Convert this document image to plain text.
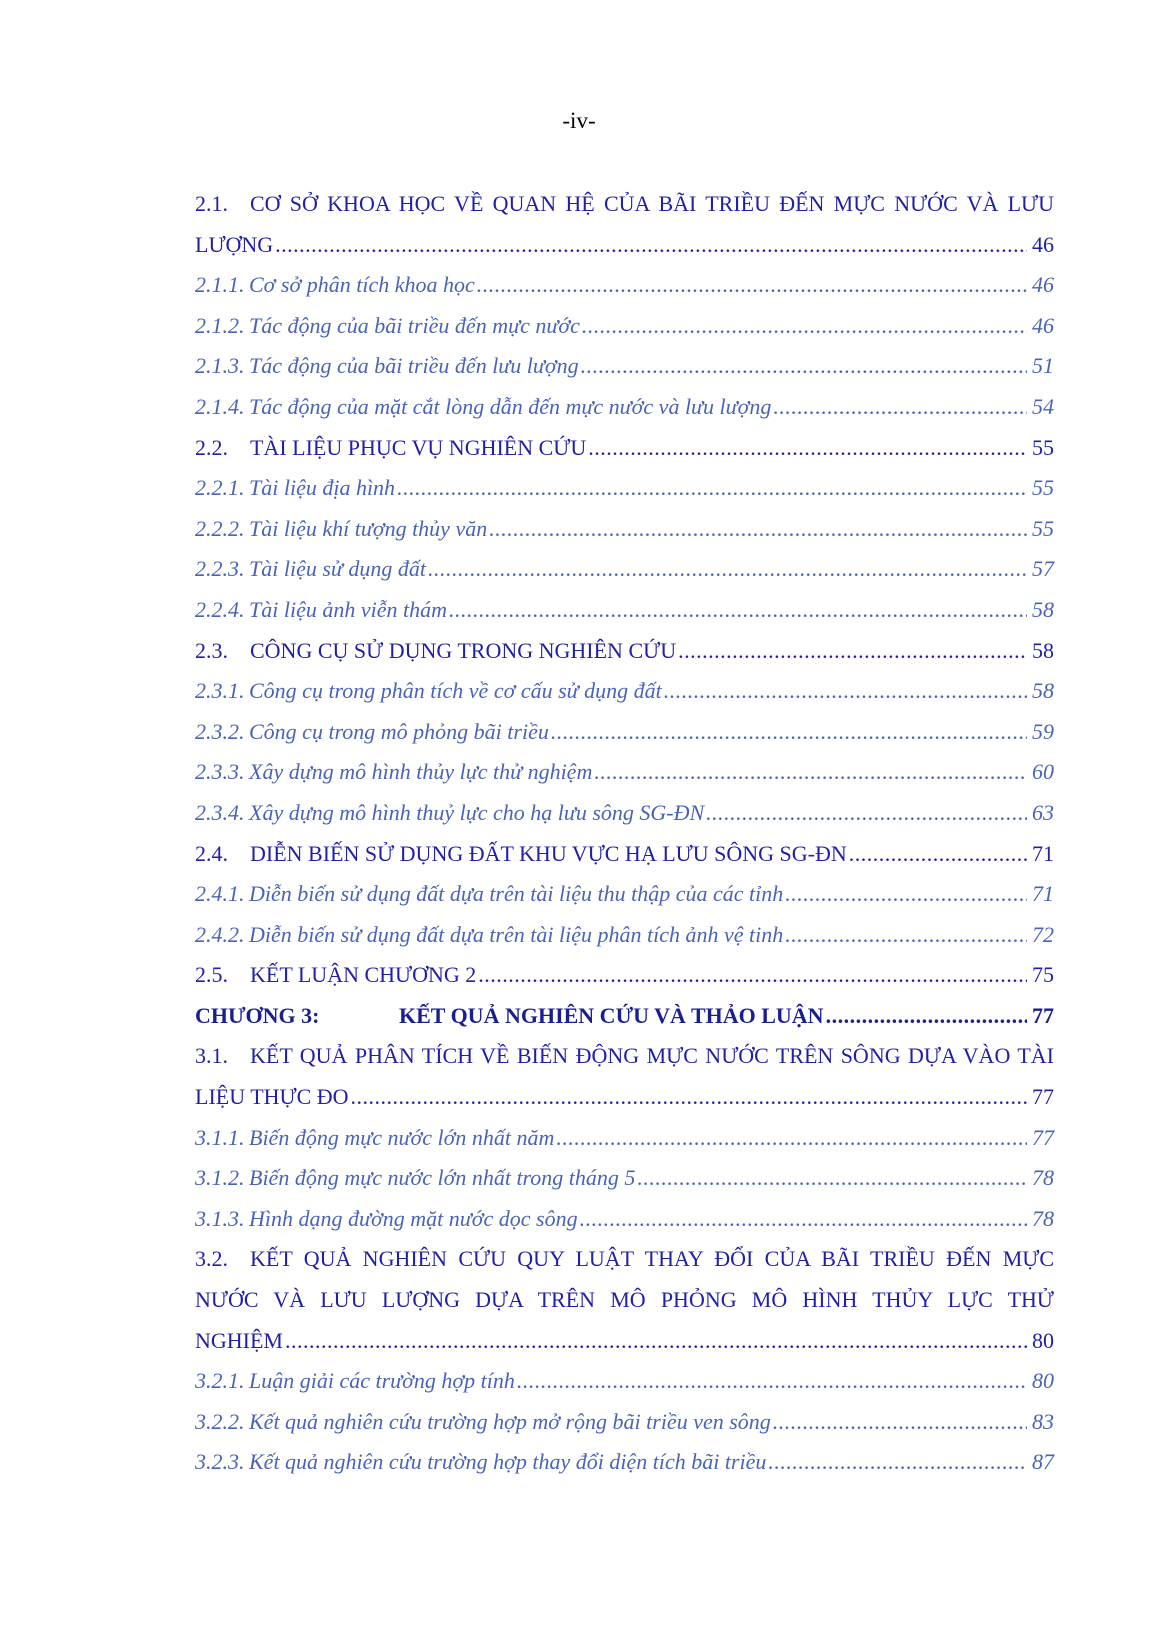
-iv-
2.1. CƠ SỞ KHOA HỌC VỀ QUAN HỆ CỦA BÃI TRIỀU ĐẾN MỰC NƯỚC VÀ LƯU
LƯỢNG .....	46
2.1.1. Cơ sở phân tích khoa học .....	46
2.1.2. Tác động của bãi triều đến mực nước .....	46
2.1.3. Tác động của bãi triều đến lưu lượng .....	51
2.1.4. Tác động của mặt cắt lòng dẫn đến mực nước và lưu lượng .....	54
2.2.	TÀI LIỆU PHỤC VỤ NGHIÊN CỨU .....	55
2.2.1. Tài liệu địa hình .....	55
2.2.2. Tài liệu khí tượng thủy văn .....	55
2.2.3. Tài liệu sử dụng đất .....	57
2.2.4. Tài liệu ảnh viễn thám .....	58
2.3.	CÔNG CỤ SỬ DỤNG TRONG NGHIÊN CỨU .....	58
2.3.1. Công cụ trong phân tích về cơ cấu sử dụng đất .....	58
2.3.2. Công cụ trong mô phỏng bãi triều .....	59
2.3.3. Xây dựng mô hình thủy lực thử nghiệm .....	60
2.3.4. Xây dựng mô hình thuỷ lực cho hạ lưu sông SG-ĐN .....	63
2.4.	DIỄN BIẾN SỬ DỤNG ĐẤT KHU VỰC HẠ LƯU SÔNG SG-ĐN .....	71
2.4.1. Diễn biến sử dụng đất dựa trên tài liệu thu thập của các tỉnh .....	71
2.4.2. Diễn biến sử dụng đất dựa trên tài liệu phân tích ảnh vệ tinh .....	72
2.5.	KẾT LUẬN CHƯƠNG 2 .....	75
CHƯƠNG 3:	KẾT QUẢ NGHIÊN CỨU VÀ THẢO LUẬN .....	77
3.1. KẾT QUẢ PHÂN TÍCH VỀ BIẾN ĐỘNG MỰC NƯỚC TRÊN SÔNG DỰA VÀO TÀI
LIỆU THỰC ĐO .....	77
3.1.1. Biến động mực nước lớn nhất năm .....	77
3.1.2. Biến động mực nước lớn nhất trong tháng 5 .....	78
3.1.3. Hình dạng đường mặt nước dọc sông .....	78
3.2. KẾT QUẢ NGHIÊN CỨU QUY LUẬT THAY ĐỔI CỦA BÃI TRIỀU ĐẾN MỰC
NƯỚC VÀ LƯU LƯỢNG DỰA TRÊN MÔ PHỎNG MÔ HÌNH THỦY LỰC THỬ
NGHIỆM .....	80
3.2.1. Luận giải các trường hợp tính .....	80
3.2.2. Kết quả nghiên cứu trường hợp mở rộng bãi triều ven sông .....	83
3.2.3. Kết quả nghiên cứu trường hợp thay đổi diện tích bãi triều .....	87
